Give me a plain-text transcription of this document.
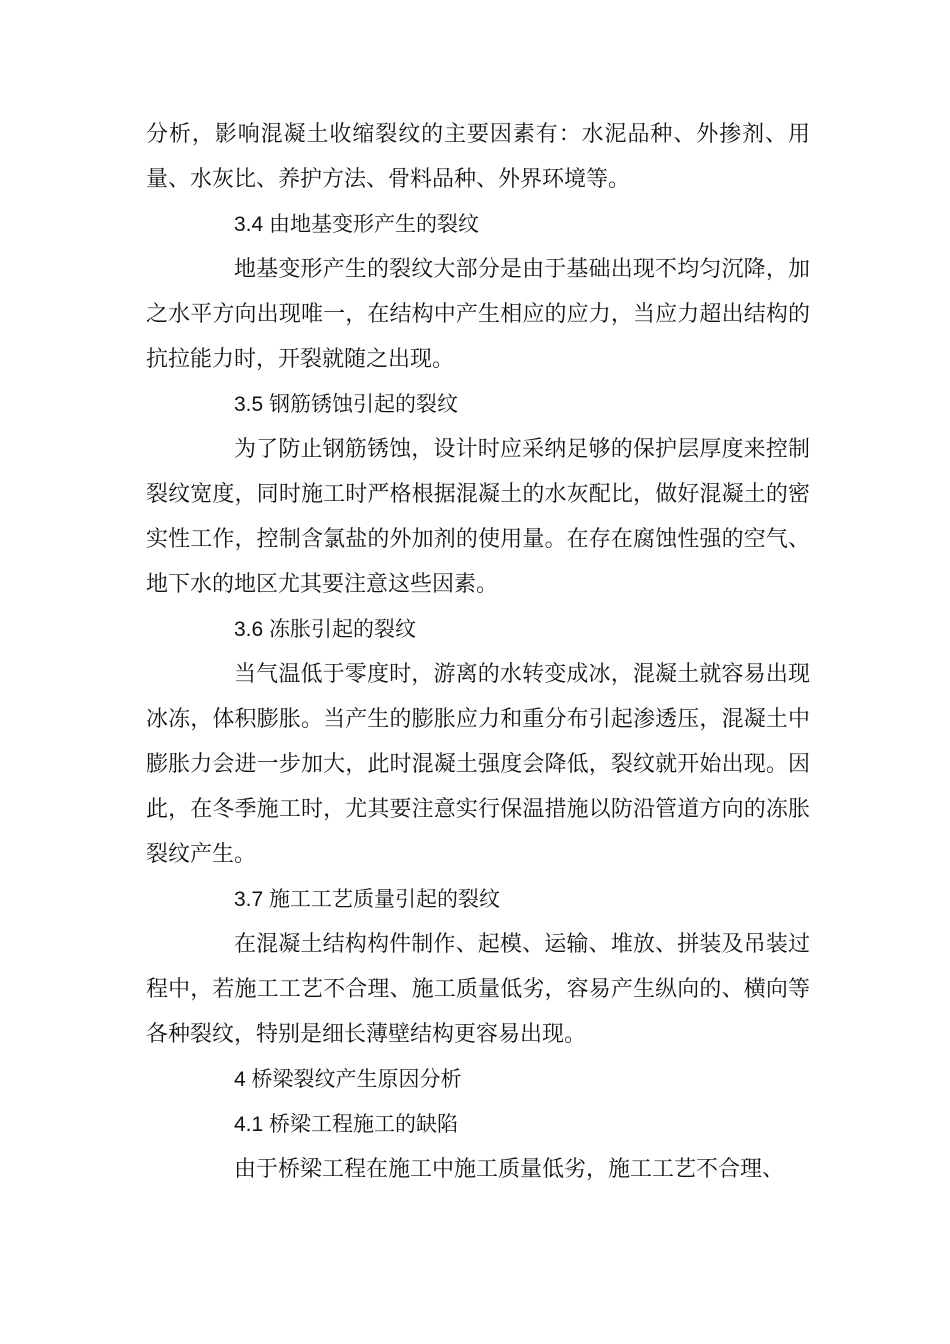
分析，影响混凝土收缩裂纹的主要因素有：水泥品种、外掺剂、用量、水灰比、养护方法、骨料品种、外界环境等。

3.4 由地基变形产生的裂纹

地基变形产生的裂纹大部分是由于基础出现不均匀沉降，加之水平方向出现唯一，在结构中产生相应的应力，当应力超出结构的抗拉能力时，开裂就随之出现。

3.5 钢筋锈蚀引起的裂纹

为了防止钢筋锈蚀，设计时应采纳足够的保护层厚度来控制裂纹宽度，同时施工时严格根据混凝土的水灰配比，做好混凝土的密实性工作，控制含氯盐的外加剂的使用量。在存在腐蚀性强的空气、地下水的地区尤其要注意这些因素。

3.6 冻胀引起的裂纹

当气温低于零度时，游离的水转变成冰，混凝土就容易出现冰冻，体积膨胀。当产生的膨胀应力和重分布引起渗透压，混凝土中膨胀力会进一步加大，此时混凝土强度会降低，裂纹就开始出现。因此，在冬季施工时，尤其要注意实行保温措施以防沿管道方向的冻胀裂纹产生。

3.7 施工工艺质量引起的裂纹

在混凝土结构构件制作、起模、运输、堆放、拼装及吊装过程中，若施工工艺不合理、施工质量低劣，容易产生纵向的、横向等各种裂纹，特别是细长薄壁结构更容易出现。

4 桥梁裂纹产生原因分析

4.1 桥梁工程施工的缺陷

由于桥梁工程在施工中施工质量低劣，施工工艺不合理、
